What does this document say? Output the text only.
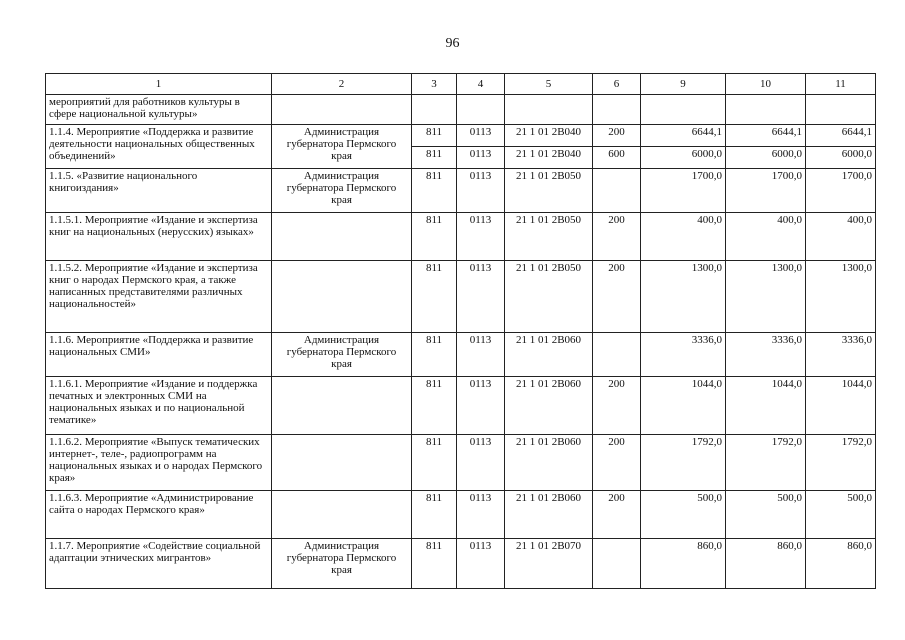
96
1	2	3	4	5	6	9	10	11
мероприятий для работников культуры в сфере национальной культуры»								
1.1.4. Мероприятие «Поддержка и развитие деятельности национальных общественных объединений»	Администрация губернатора Пермского края	811	0113	21 1 01 2В040	200	6644,1	6644,1	6644,1
		811	0113	21 1 01 2В040	600	6000,0	6000,0	6000,0
1.1.5. «Развитие национального книгоиздания»	Администрация губернатора Пермского края	811	0113	21 1 01 2В050		1700,0	1700,0	1700,0
1.1.5.1. Мероприятие «Издание и экспертиза книг на национальных (нерусских) языках»		811	0113	21 1 01 2В050	200	400,0	400,0	400,0
1.1.5.2. Мероприятие «Издание и экспертиза книг о народах Пермского края, а также написанных представителями различных национальностей»		811	0113	21 1 01 2В050	200	1300,0	1300,0	1300,0
1.1.6. Мероприятие «Поддержка и развитие национальных СМИ»	Администрация губернатора Пермского края	811	0113	21 1 01 2В060		3336,0	3336,0	3336,0
1.1.6.1. Мероприятие «Издание и поддержка печатных и электронных СМИ на национальных языках и по национальной тематике»		811	0113	21 1 01 2В060	200	1044,0	1044,0	1044,0
1.1.6.2. Мероприятие «Выпуск тематических интернет-, теле-, радиопрограмм на национальных языках и о народах Пермского края»		811	0113	21 1 01 2В060	200	1792,0	1792,0	1792,0
1.1.6.3. Мероприятие «Администрирование сайта о народах Пермского края»		811	0113	21 1 01 2В060	200	500,0	500,0	500,0
1.1.7. Мероприятие «Содействие социальной адаптации этнических мигрантов»	Администрация губернатора Пермского края	811	0113	21 1 01 2В070		860,0	860,0	860,0
